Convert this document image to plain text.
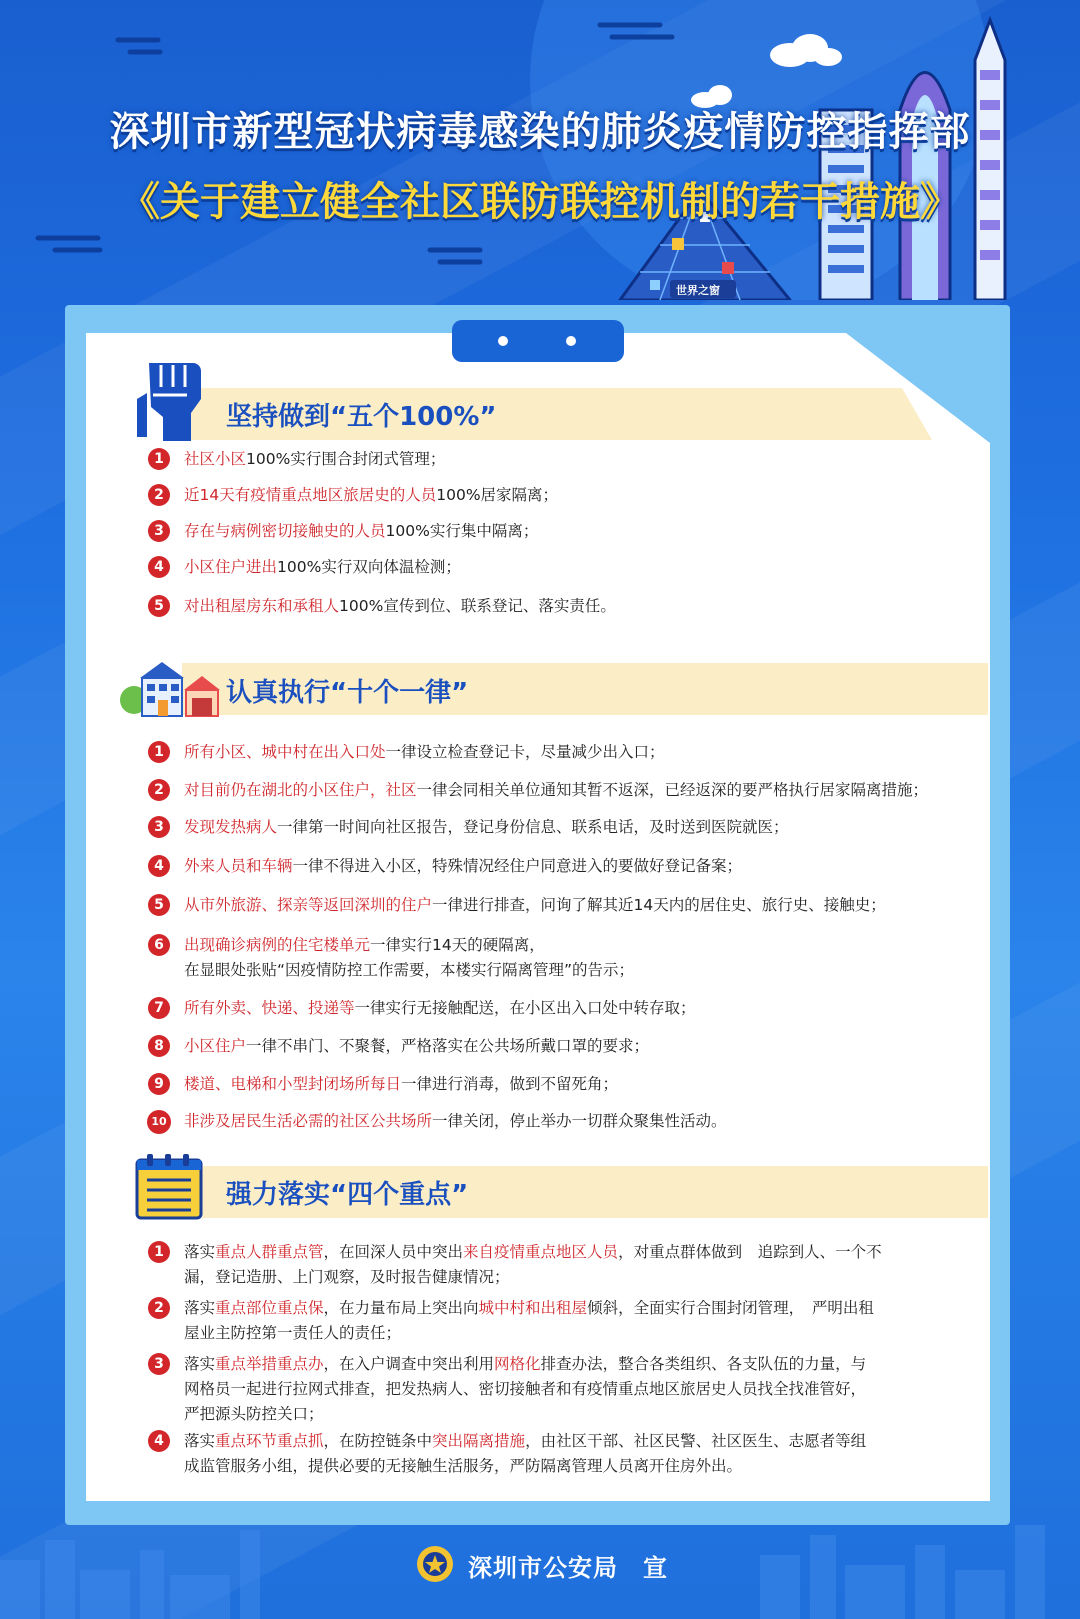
深圳市新型冠状病毒感染的肺炎疫情防控指挥部
《关于建立健全社区联防联控机制的若干措施》
世界之窗
坚持做到“五个100%”
1	社区小区100%实行围合封闭式管理；
2	近14天有疫情重点地区旅居史的人员100%居家隔离；
3	存在与病例密切接触史的人员100%实行集中隔离；
4	小区住户进出100%实行双向体温检测；
5	对出租屋房东和承租人100%宣传到位、联系登记、落实责任。
认真执行“十个一律”
1	所有小区、城中村在出入口处一律设立检查登记卡，尽量减少出入口；
2	对目前仍在湖北的小区住户，社区一律会同相关单位通知其暂不返深，已经返深的要严格执行居家隔离措施；
3	发现发热病人一律第一时间向社区报告，登记身份信息、联系电话，及时送到医院就医；
4	外来人员和车辆一律不得进入小区，特殊情况经住户同意进入的要做好登记备案；
5	从市外旅游、探亲等返回深圳的住户一律进行排查，问询了解其近14天内的居住史、旅行史、接触史；
6	出现确诊病例的住宅楼单元一律实行14天的硬隔离，
在显眼处张贴“因疫情防控工作需要，本楼实行隔离管理”的告示；
7	所有外卖、快递、投递等一律实行无接触配送，在小区出入口处中转存取；
8	小区住户一律不串门、不聚餐，严格落实在公共场所戴口罩的要求；
9	楼道、电梯和小型封闭场所每日一律进行消毒，做到不留死角；
10 非涉及居民生活必需的社区公共场所一律关闭，停止举办一切群众聚集性活动。
强力落实“四个重点”
1	落实重点人群重点管，在回深人员中突出来自疫情重点地区人员，对重点群体做到　追踪到人、一个不
漏，登记造册、上门观察，及时报告健康情况；
2	落实重点部位重点保，在力量布局上突出向城中村和出租屋倾斜，全面实行合围封闭管理，　严明出租
屋业主防控第一责任人的责任；
3	落实重点举措重点办，在入户调查中突出利用网格化排查办法，整合各类组织、各支队伍的力量，与
网格员一起进行拉网式排查，把发热病人、密切接触者和有疫情重点地区旅居史人员找全找准管好，
严把源头防控关口；
4	落实重点环节重点抓，在防控链条中突出隔离措施，由社区干部、社区民警、社区医生、志愿者等组
成监管服务小组，提供必要的无接触生活服务，严防隔离管理人员离开住房外出。
深圳市公安局　宣
